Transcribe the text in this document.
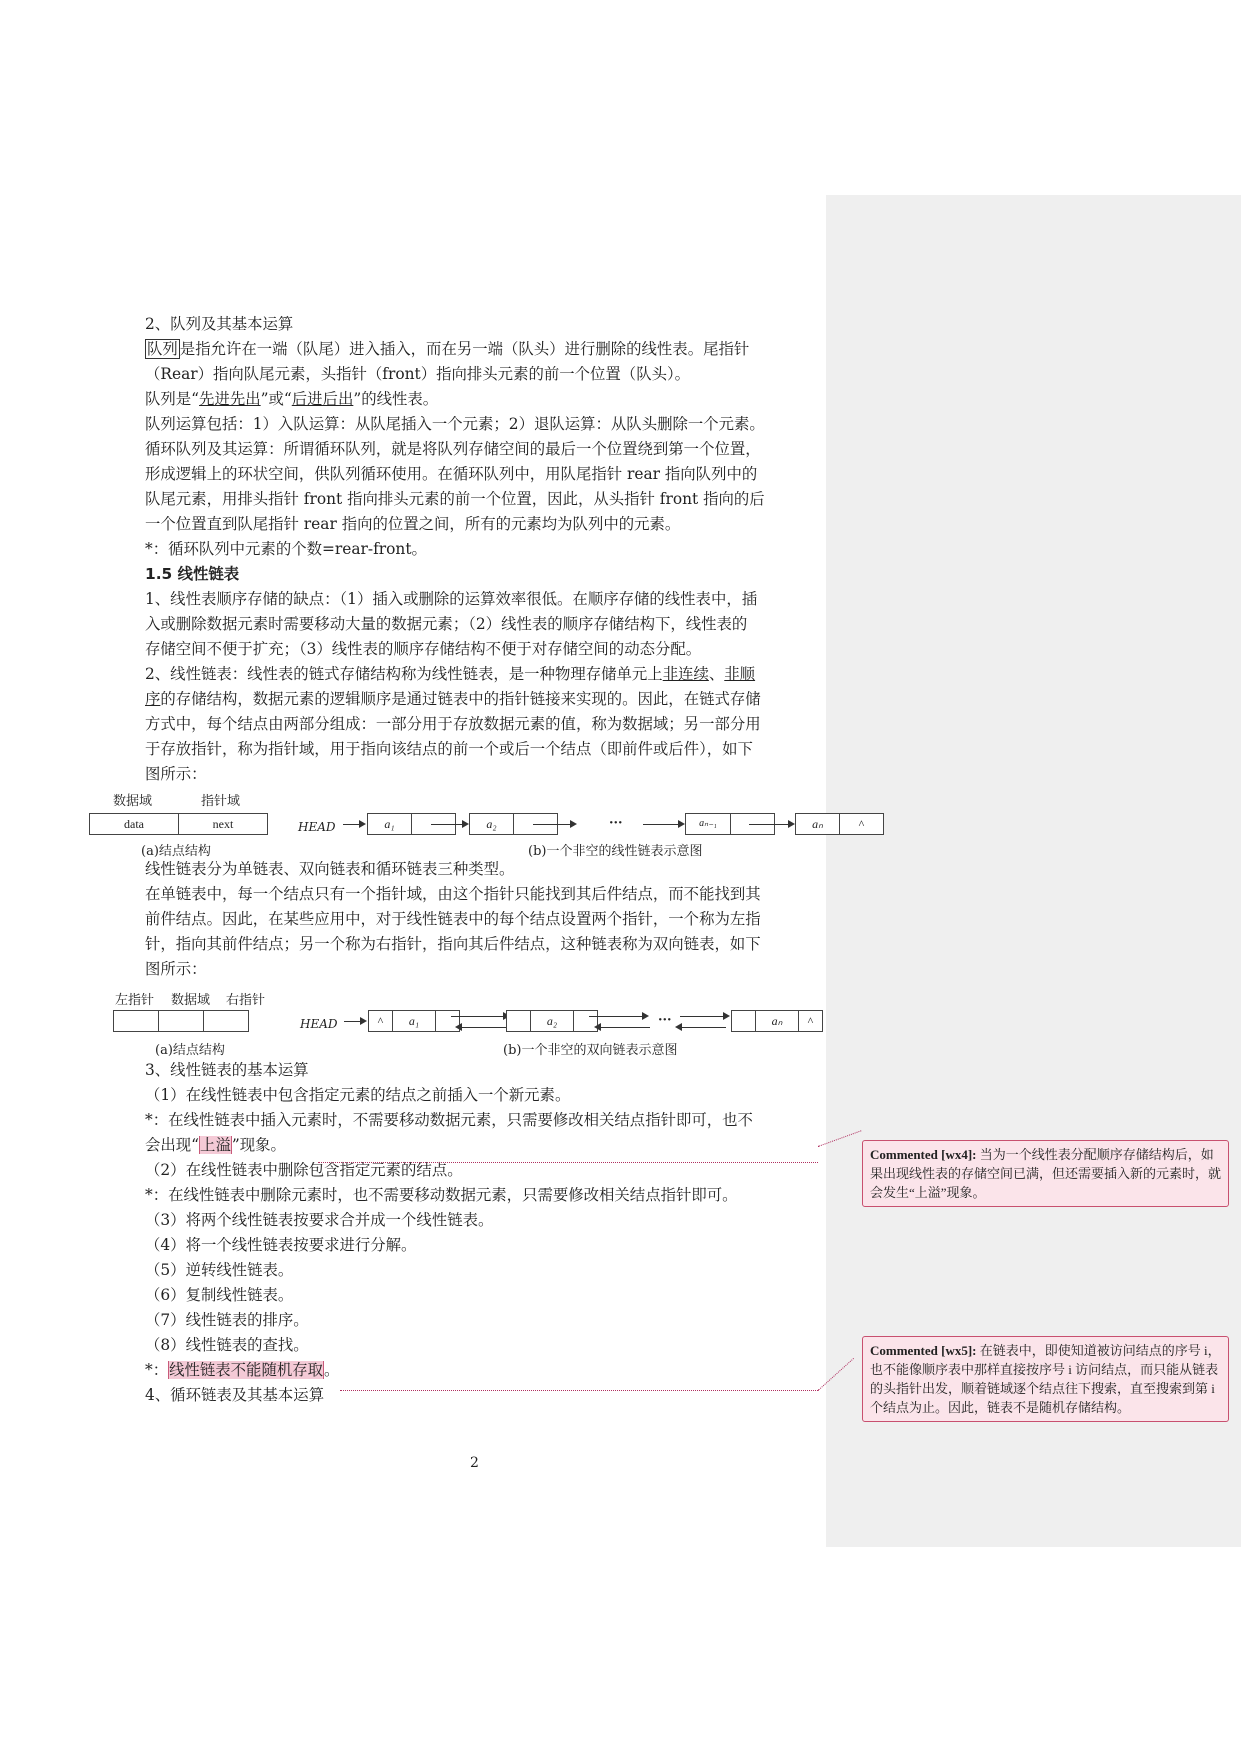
2、队列及其基本运算

队列 是指允许在一端（队尾）进入插入，而在另一端（队头）进行删除的线性表。尾指针

（Rear）指向队尾元素，头指针（front）指向排头元素的前一个位置（队头）。

队列是“先进先出”或“后进后出”的线性表。

队列运算包括：1）入队运算：从队尾插入一个元素；2）退队运算：从队头删除一个元素。

循环队列及其运算：所谓循环队列，就是将队列存储空间的最后一个位置绕到第一个位置，

形成逻辑上的环状空间，供队列循环使用。在循环队列中，用队尾指针 rear 指向队列中的

队尾元素，用排头指针 front 指向排头元素的前一个位置，因此，从头指针 front 指向的后

一个位置直到队尾指针 rear 指向的位置之间，所有的元素均为队列中的元素。

*：循环队列中元素的个数=rear-front。

1.5 线性链表

1、线性表顺序存储的缺点：（1）插入或删除的运算效率很低。在顺序存储的线性表中，插

入或删除数据元素时需要移动大量的数据元素；（2）线性表的顺序存储结构下，线性表的

存储空间不便于扩充；（3）线性表的顺序存储结构不便于对存储空间的动态分配。

2、线性链表：线性表的链式存储结构称为线性链表，是一种物理存储单元上非连续、非顺

序的存储结构，数据元素的逻辑顺序是通过链表中的指针链接来实现的。因此，在链式存储

方式中，每个结点由两部分组成：一部分用于存放数据元素的值，称为数据域；另一部分用

于存放指针，称为指针域，用于指向该结点的前一个或后一个结点（即前件或后件），如下

图所示：

数据域	指针域
data	next	HEAD	a₁	a₂	···	aₙ₋₁	aₙ	^
(a)结点结构	(b)一个非空的线性链表示意图

线性链表分为单链表、双向链表和循环链表三种类型。

在单链表中，每一个结点只有一个指针域，由这个指针只能找到其后件结点，而不能找到其

前件结点。因此，在某些应用中，对于线性链表中的每个结点设置两个指针，一个称为左指

针，指向其前件结点；另一个称为右指针，指向其后件结点，这种链表称为双向链表，如下

图所示：

左指针 数据域 右指针
HEAD	^	a₁	a₂	···	aₙ	^
(a)结点结构	(b)一个非空的双向链表示意图

3、线性链表的基本运算

（1）在线性链表中包含指定元素的结点之前插入一个新元素。

*：在线性链表中插入元素时，不需要移动数据元素，只需要修改相关结点指针即可，也不

会出现“上溢”现象。

（2）在线性链表中删除包含指定元素的结点。

*：在线性链表中删除元素时，也不需要移动数据元素，只需要修改相关结点指针即可。

（3）将两个线性链表按要求合并成一个线性链表。

（4）将一个线性链表按要求进行分解。

（5）逆转线性链表。

（6）复制线性链表。

（7）线性链表的排序。

（8）线性链表的查找。

*：线性链表不能随机存取。

4、循环链表及其基本运算

Commented [wx4]: 当为一个线性表分配顺序存储结构后，如果出现线性表的存储空间已满，但还需要插入新的元素时，就会发生“上溢”现象。
Commented [wx5]: 在链表中，即使知道被访问结点的序号 i，也不能像顺序表中那样直接按序号 i 访问结点，而只能从链表的头指针出发，顺着链域逐个结点往下搜索，直至搜索到第 i 个结点为止。因此，链表不是随机存储结构。
2
